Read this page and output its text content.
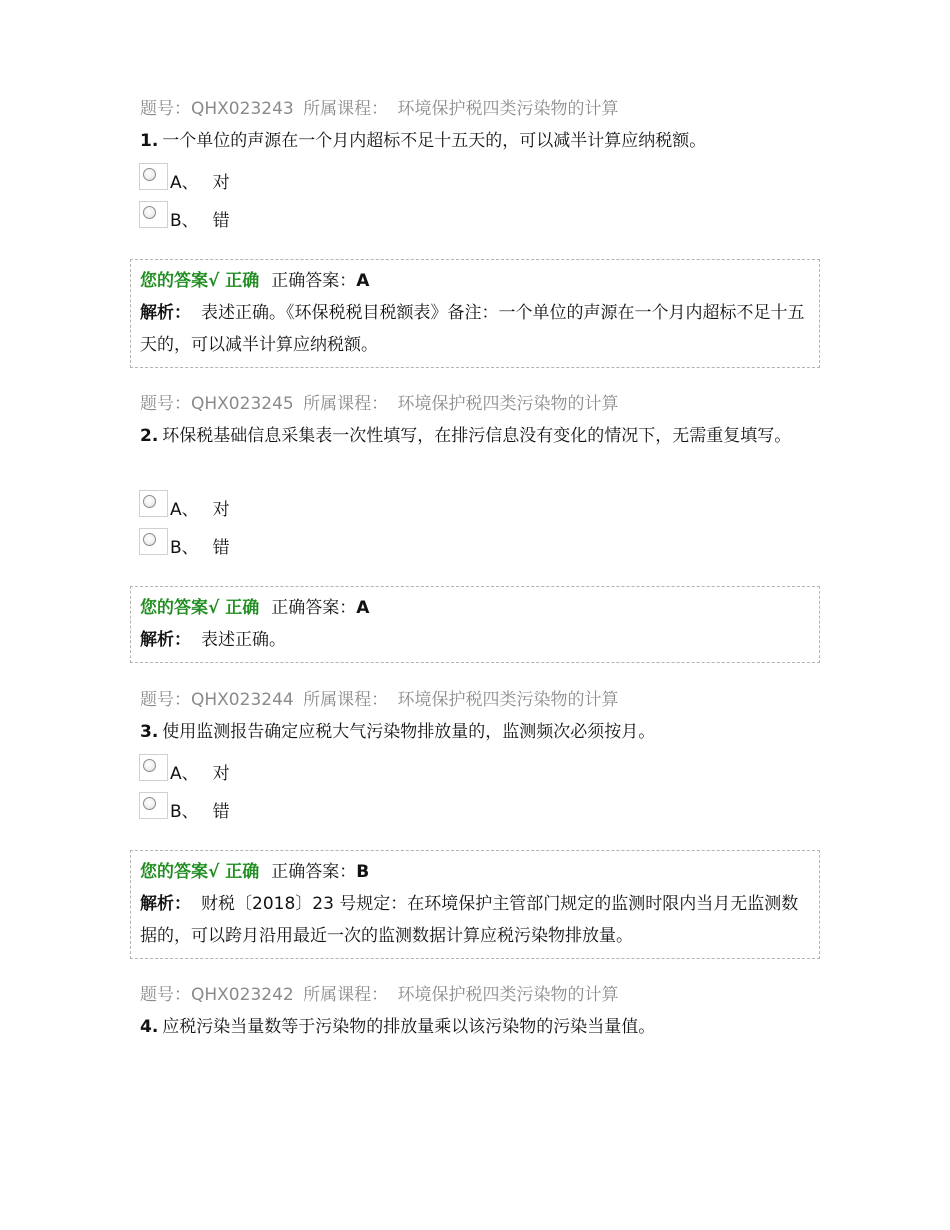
题号：QHX023243 所属课程： 环境保护税四类污染物的计算
1. 一个单位的声源在一个月内超标不足十五天的，可以减半计算应纳税额。
A、 对
B、 错
您的答案√ 正确 正确答案：A
解析： 表述正确。《环保税税目税额表》备注：一个单位的声源在一个月内超标不足十五天的，可以减半计算应纳税额。
题号：QHX023245 所属课程： 环境保护税四类污染物的计算
2. 环保税基础信息采集表一次性填写，在排污信息没有变化的情况下，无需重复填写。
A、 对
B、 错
您的答案√ 正确 正确答案：A
解析： 表述正确。
题号：QHX023244 所属课程： 环境保护税四类污染物的计算
3. 使用监测报告确定应税大气污染物排放量的，监测频次必须按月。
A、 对
B、 错
您的答案√ 正确 正确答案：B
解析： 财税〔2018〕23 号规定：在环境保护主管部门规定的监测时限内当月无监测数据的，可以跨月沿用最近一次的监测数据计算应税污染物排放量。
题号：QHX023242 所属课程： 环境保护税四类污染物的计算
4. 应税污染当量数等于污染物的排放量乘以该污染物的污染当量值。
